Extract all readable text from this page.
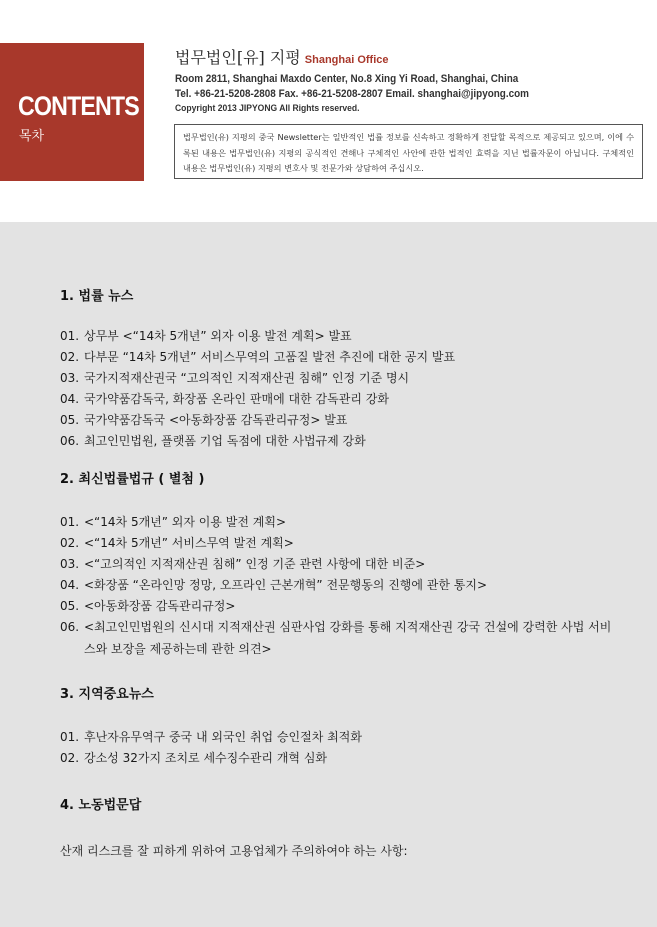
CONTENTS
목차
법무법인[유] 지평 Shanghai Office
Room 2811, Shanghai Maxdo Center, No.8 Xing Yi Road, Shanghai, China
Tel. +86-21-5208-2808 Fax. +86-21-5208-2807 Email. shanghai@jipyong.com
Copyright 2013 JIPYONG All Rights reserved.
법무법인(유) 지평의 중국 Newsletter는 일반적인 법률 정보를 신속하고 정확하게 전달할 목적으로 제공되고 있으며, 이에 수록된 내용은 법무법인(유) 지평의 공식적인 견해나 구체적인 사안에 관한 법적인 효력을 지닌 법률자문이 아닙니다. 구체적인 내용은 법무법인(유) 지평의 변호사 및 전문가와 상담하여 주십시오.
1. 법률 뉴스
01. 상무부 <“14차 5개년” 외자 이용 발전 계획> 발표
02. 다부문 “14차 5개년” 서비스무역의 고품질 발전 추진에 대한 공지 발표
03. 국가지적재산권국 “고의적인 지적재산권 침해” 인정 기준 명시
04. 국가약품감독국, 화장품 온라인 판매에 대한 감독관리 강화
05. 국가약품감독국 <아동화장품 감독관리규정> 발표
06. 최고인민법원, 플랫폼 기업 독점에 대한 사법규제 강화
2. 최신법률법규 ( 별첨 )
01. <“14차 5개년” 외자 이용 발전 계획>
02. <“14차 5개년” 서비스무역 발전 계획>
03. <“고의적인 지적재산권 침해” 인정 기준 관련 사항에 대한 비준>
04. <화장품 “온라인망 정망, 오프라인 근본개혁” 전문행동의 진행에 관한 통지>
05. <아동화장품 감독관리규정>
06. <최고인민법원의 신시대 지적재산권 심판사업 강화를 통해 지적재산권 강국 건설에 강력한 사법 서비스와 보장을 제공하는데 관한 의견>
3. 지역중요뉴스
01. 후난자유무역구 중국 내 외국인 취업 승인절차 최적화
02. 강소성 32가지 조치로 세수징수관리 개혁 심화
4. 노동법문답
산재 리스크를 잘 피하게 위하여 고용업체가 주의하여야 하는 사항:
